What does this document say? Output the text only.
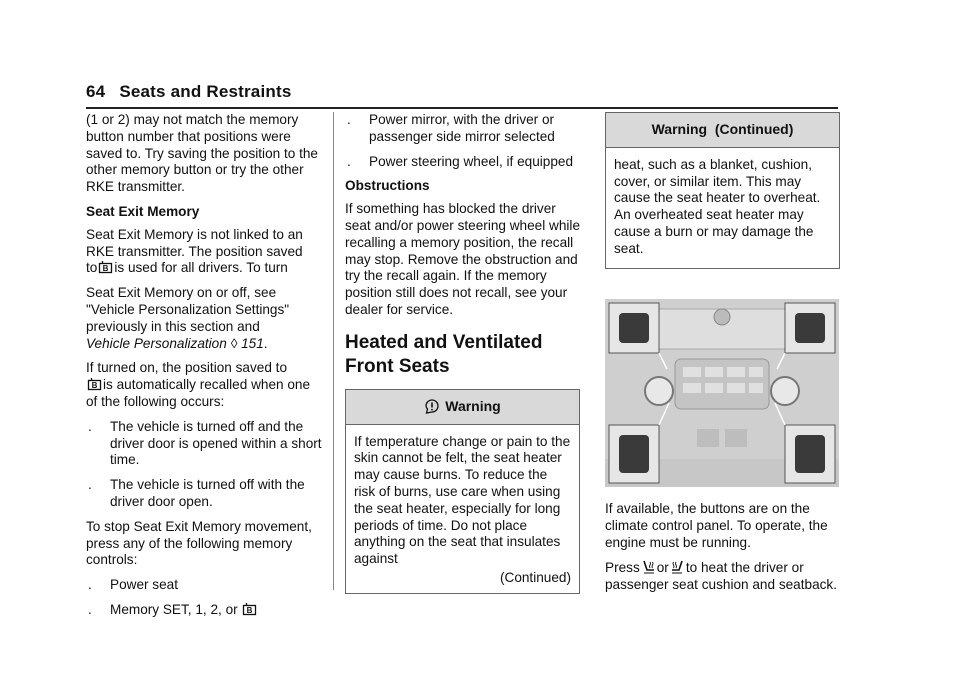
64 Seats and Restraints

(1 or 2) may not match the memory button number that positions were saved to. Try saving the position to the other memory button or try the other RKE transmitter.

Seat Exit Memory

Seat Exit Memory is not linked to an RKE transmitter. The position saved
to is used for all drivers. To turn

Seat Exit Memory on or off, see "Vehicle Personalization Settings" previously in this section and
Vehicle Personalization ◊ 151.

If turned on, the position saved to
is automatically recalled when one of the following occurs:

.	The vehicle is turned off and the driver door is opened within a short time.
.	The vehicle is turned off with the driver door open.

To stop Seat Exit Memory movement, press any of the following memory controls:

.	Power seat
.	Memory SET, 1, 2, or
.	Power mirror, with the driver or passenger side mirror selected
.	Power steering wheel, if equipped

Obstructions

If something has blocked the driver seat and/or power steering wheel while recalling a memory position, the recall may stop. Remove the obstruction and try the recall again. If the memory position still does not recall, see your dealer for service.

Heated and Ventilated Front Seats
Warning
If temperature change or pain to the skin cannot be felt, the seat heater may cause burns. To reduce the risk of burns, use care when using the seat heater, especially for long periods of time. Do not place anything on the seat that insulates against
(Continued)
Warning  (Continued)
heat, such as a blanket, cushion, cover, or similar item. This may cause the seat heater to overheat. An overheated seat heater may cause a burn or may damage the seat.

If available, the buttons are on the climate control panel. To operate, the engine must be running.

Press or to heat the driver or
passenger seat cushion and seatback.
